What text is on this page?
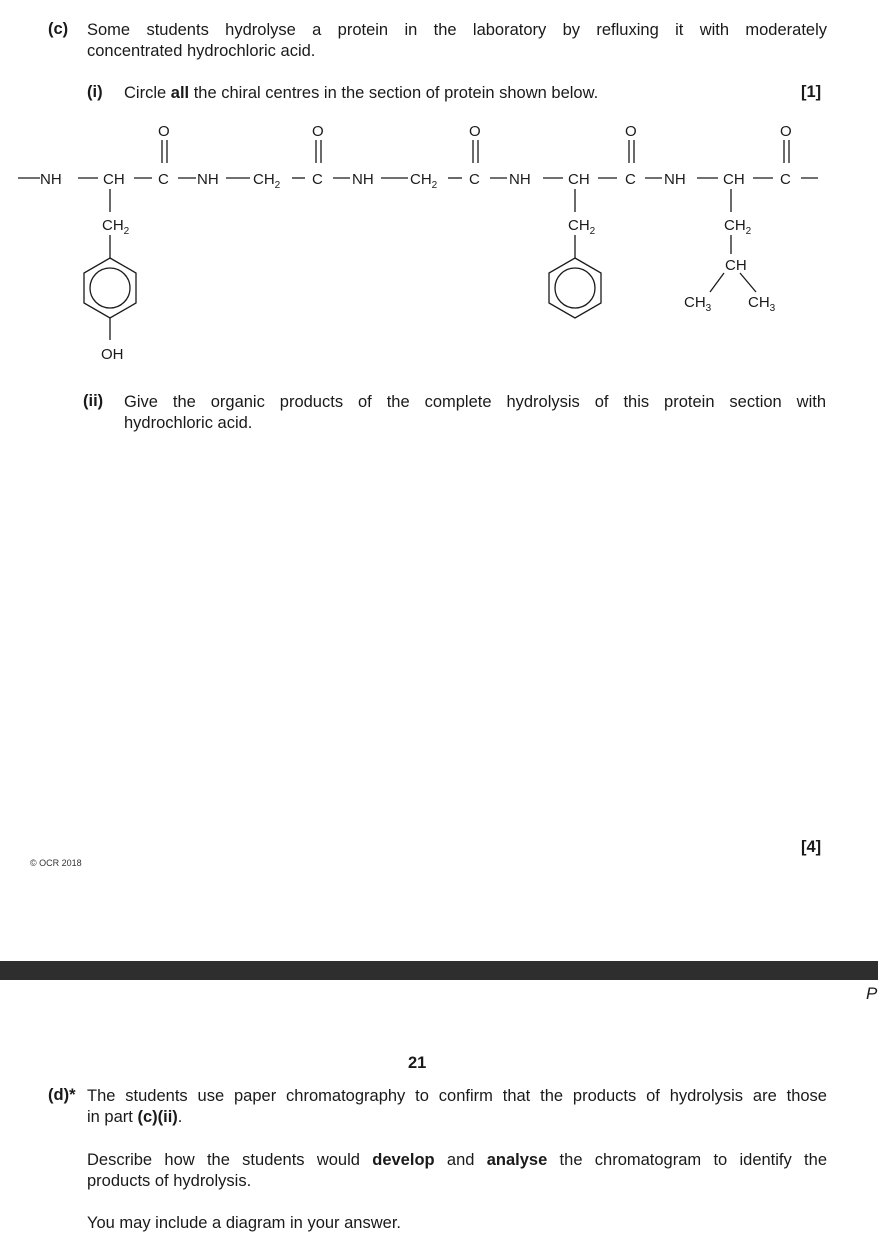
(c) Some students hydrolyse a protein in the laboratory by refluxing it with moderately
concentrated hydrochloric acid.
(i) Circle all the chiral centres in the section of protein shown below.	[1]
NH	CH C NH $CH_2$ C NH $CH_2$ C NH CH C NH CH C
O	O	O	O	O
$CH_2$
OH
$CH_2$	$CH_2$
CH
$CH_3$ $CH_3$
(ii) Give the organic products of the complete hydrolysis of this protein section with
hydrochloric acid.
[4]
© OCR 2018
P
21
(d)* The students use paper chromatography to confirm that the products of hydrolysis are those
in part (c)(ii).
Describe how the students would develop and analyse the chromatogram to identify the
products of hydrolysis.
You may include a diagram in your answer.
